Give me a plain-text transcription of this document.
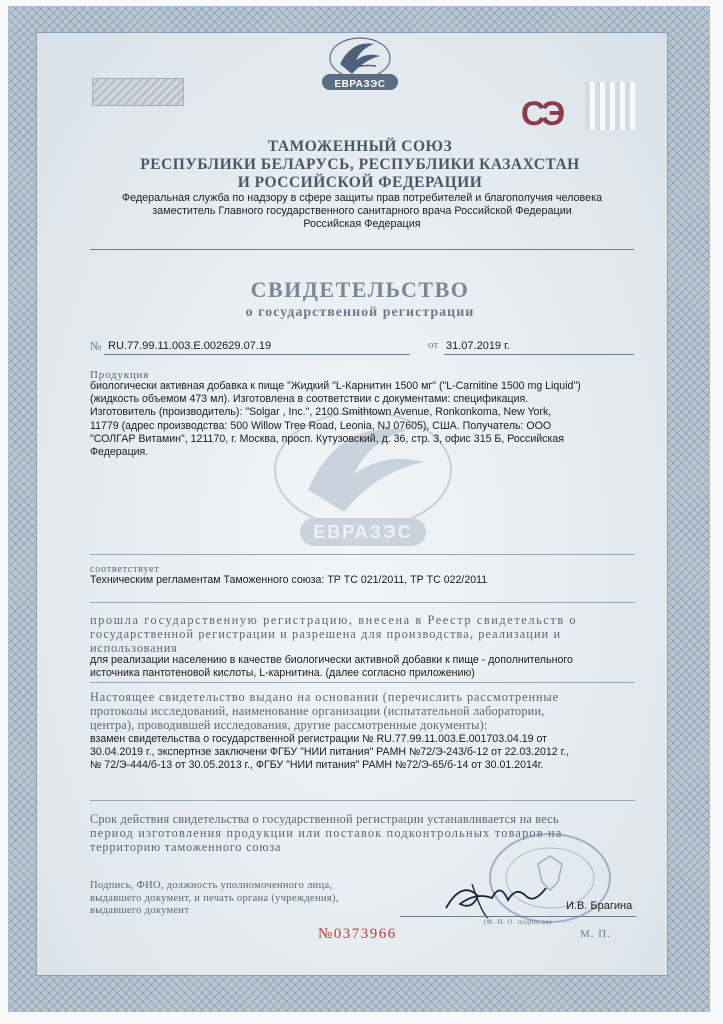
ЕВРАЗЭС
СЭ

ТАМОЖЕННЫЙ СОЮЗ

РЕСПУБЛИКИ БЕЛАРУСЬ, РЕСПУБЛИКИ КАЗАХСТАН

И РОССИЙСКОЙ ФЕДЕРАЦИИ

Федеральная служба по надзору в сфере защиты прав потребителей и благополучия человека

заместитель Главного государственного санитарного врача Российской Федерации

Российская Федерация

СВИДЕТЕЛЬСТВО

о государственной регистрации

№ RU.77.99.11.003.E.002629.07.19	от 31.07.2019 г.

ЕВРАЗЭС

Продукция

биологически активная добавка к пище "Жидкий "L-Карнитин 1500 мг" ("L-Carnitine 1500 mg Liquid")
(жидкость объемом 473 мл). Изготовлена в соответствии с документами: спецификация.
Изготовитель (производитель): "Solgar , Inc.", 2100 Smithtown Avenue, Ronkonkoma, New York,
11779 (адрес производства: 500 Willow Tree Road, Leonia, NJ 07605), США. Получатель: ООО
"СОЛГАР Витамин", 121170, г. Москва, просп. Кутузовский, д. 36, стр. 3, офис 315 Б, Российская
Федерация.

соответствует

Техническим регламентам Таможенного союза: ТР ТС 021/2011, ТР ТС 022/2011

прошла государственную регистрацию, внесена в Реестр свидетельств о
государственной регистрации и разрешена для производства, реализации и
использования
для реализации населению в качестве биологически активной добавки к пище - дополнительного
источника пантотеновой кислоты, L-карнитина. (далее согласно приложению)
Настоящее свидетельство выдано на основании (перечислить рассмотренные
протоколы исследований, наименование организации (испытательной лаборатории,
центра), проводившей исследования, другие рассмотренные документы):
взамен свидетельства о государственной регистрации № RU.77.99.11.003.E.001703.04.19 от
30.04.2019 г., экспертнзе заключени ФГБУ "НИИ питания" РАМН №72/Э-243/б-12 от 22.03.2012 г.,
№ 72/Э-444/б-13 от 30.05.2013 г., ФГБУ "НИИ питания" РАМН №72/Э-65/б-14 от 30.01.2014г.
Срок действия свидетельства о государственной регистрации устанавливается на весь
период изготовления продукции или поставок подконтрольных товаров на
территорию таможенного союза
Подпись, ФИО, должность уполномоченного лица,
выдавшего документ, и печать органа (учреждения),
выдавшего документ	И.В. Брагина

(Ф. И. О. подписав)

№0373966	М. П.
